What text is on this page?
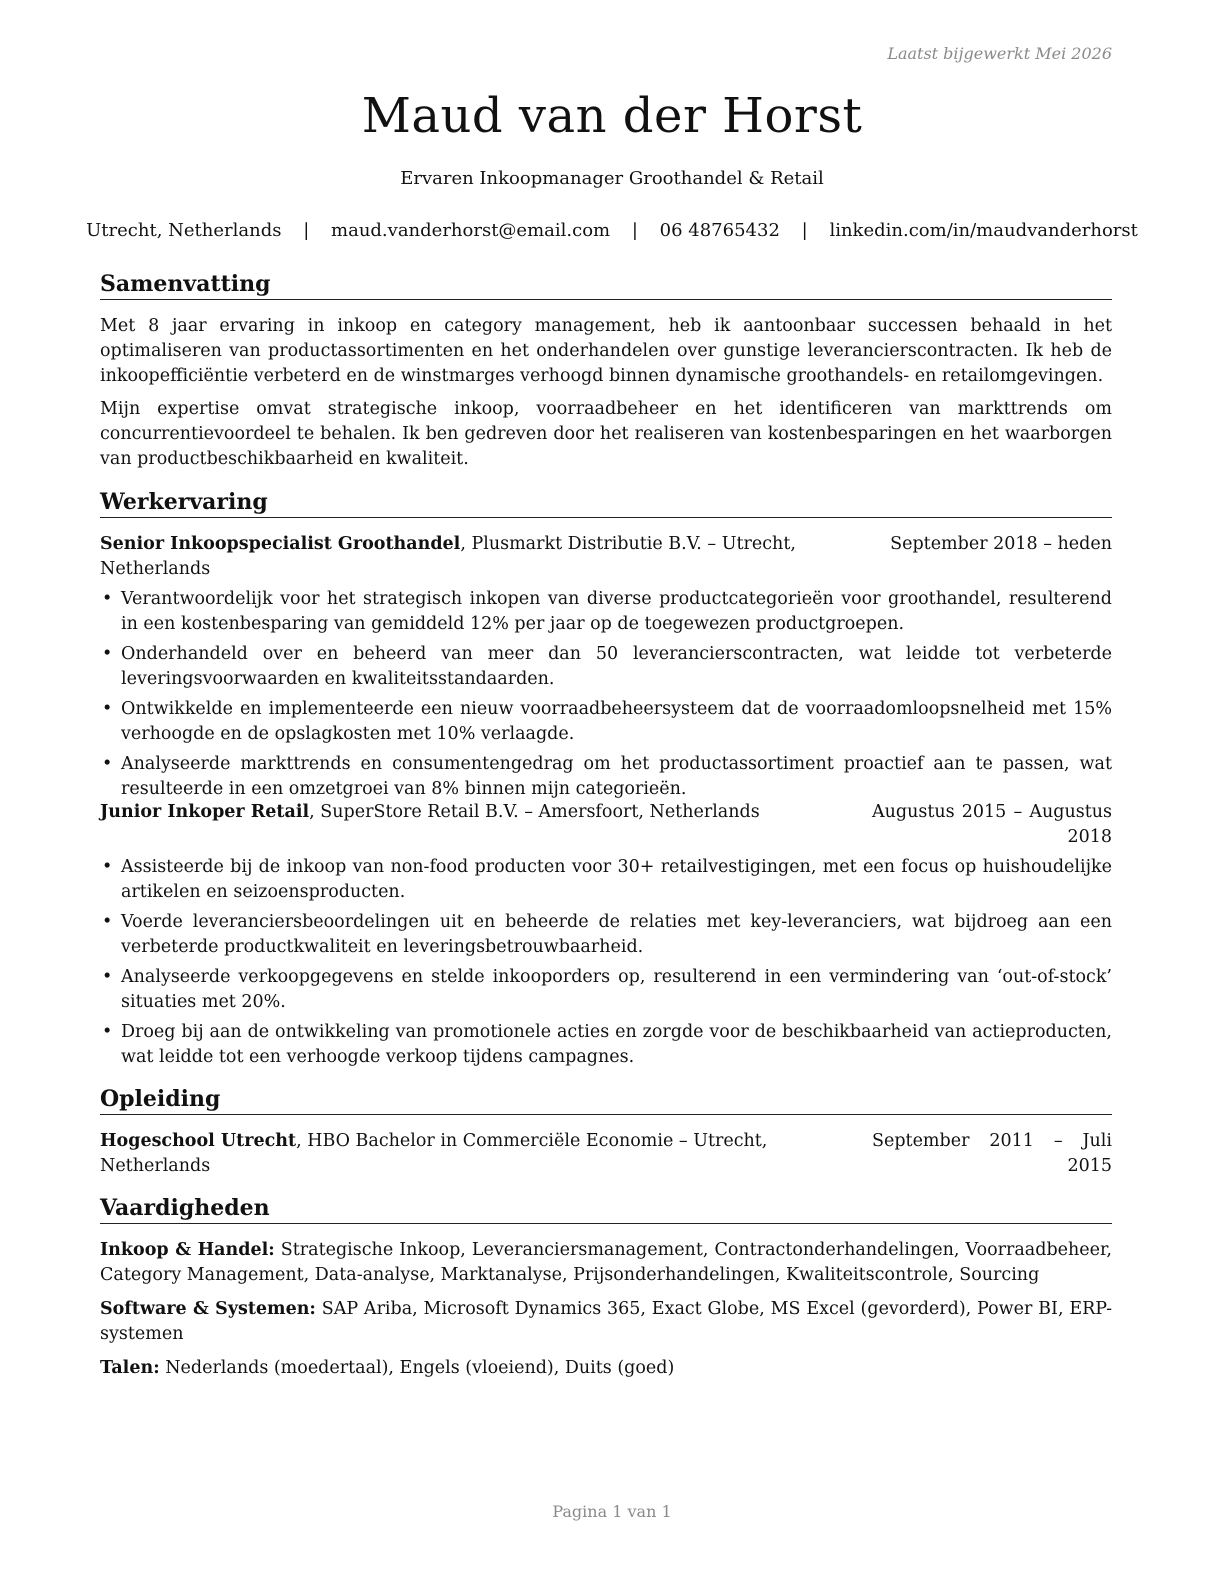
Laatst bijgewerkt Mei 2026
Maud van der Horst
Ervaren Inkoopmanager Groothandel & Retail
Utrecht, Netherlands | maud.vanderhorst@email.com | 06 48765432 | linkedin.com/in/maudvanderhorst
Samenvatting

Met 8 jaar ervaring in inkoop en category management, heb ik aantoonbaar successen behaald in het optimaliseren van productassortimenten en het onderhandelen over gunstige leverancierscontracten. Ik heb de inkoopefficiëntie verbeterd en de winstmarges verhoogd binnen dynamische groothandels- en retailomgevingen.

Mijn expertise omvat strategische inkoop, voorraadbeheer en het identificeren van markttrends om concurrentievoordeel te behalen. Ik ben gedreven door het realiseren van kostenbesparingen en het waarborgen van productbeschikbaarheid en kwaliteit.

Werkervaring
Senior Inkoopspecialist Groothandel, Plusmarkt Distributie B.V. – Utrecht, Netherlands
September 2018 – heden
• Verantwoordelijk voor het strategisch inkopen van diverse productcategorieën voor groothandel, resulterend in een kostenbesparing van gemiddeld 12% per jaar op de toegewezen productgroepen.
• Onderhandeld over en beheerd van meer dan 50 leverancierscontracten, wat leidde tot verbeterde leveringsvoorwaarden en kwaliteitsstandaarden.
• Ontwikkelde en implementeerde een nieuw voorraadbeheersysteem dat de voorraadomloopsnelheid met 15% verhoogde en de opslagkosten met 10% verlaagde.
• Analyseerde markttrends en consumentengedrag om het productassortiment proactief aan te passen, wat resulteerde in een omzetgroei van 8% binnen mijn categorieën.
Junior Inkoper Retail, SuperStore Retail B.V. – Amersfoort, Netherlands	Augustus 2015 – Augustus 2018
• Assisteerde bij de inkoop van non-food producten voor 30+ retailvestigingen, met een focus op huishoudelijke artikelen en seizoensproducten.
• Voerde leveranciersbeoordelingen uit en beheerde de relaties met key-leveranciers, wat bijdroeg aan een verbeterde productkwaliteit en leveringsbetrouwbaarheid.
• Analyseerde verkoopgegevens en stelde inkooporders op, resulterend in een vermindering van ‘out-of-stock’ situaties met 20%.
• Droeg bij aan de ontwikkeling van promotionele acties en zorgde voor de beschikbaarheid van actieproducten, wat leidde tot een verhoogde verkoop tijdens campagnes.
Opleiding
Hogeschool Utrecht, HBO Bachelor in Commerciële Economie – Utrecht, Netherlands
September 2011 – Juli 2015
Vaardigheden

Inkoop & Handel: Strategische Inkoop, Leveranciersmanagement, Contractonderhandelingen, Voorraadbeheer, Category Management, Data-analyse, Marktanalyse, Prijsonderhandelingen, Kwaliteitscontrole, Sourcing

Software & Systemen: SAP Ariba, Microsoft Dynamics 365, Exact Globe, MS Excel (gevorderd), Power BI, ERP-systemen

Talen: Nederlands (moedertaal), Engels (vloeiend), Duits (goed)

Pagina 1 van 1
